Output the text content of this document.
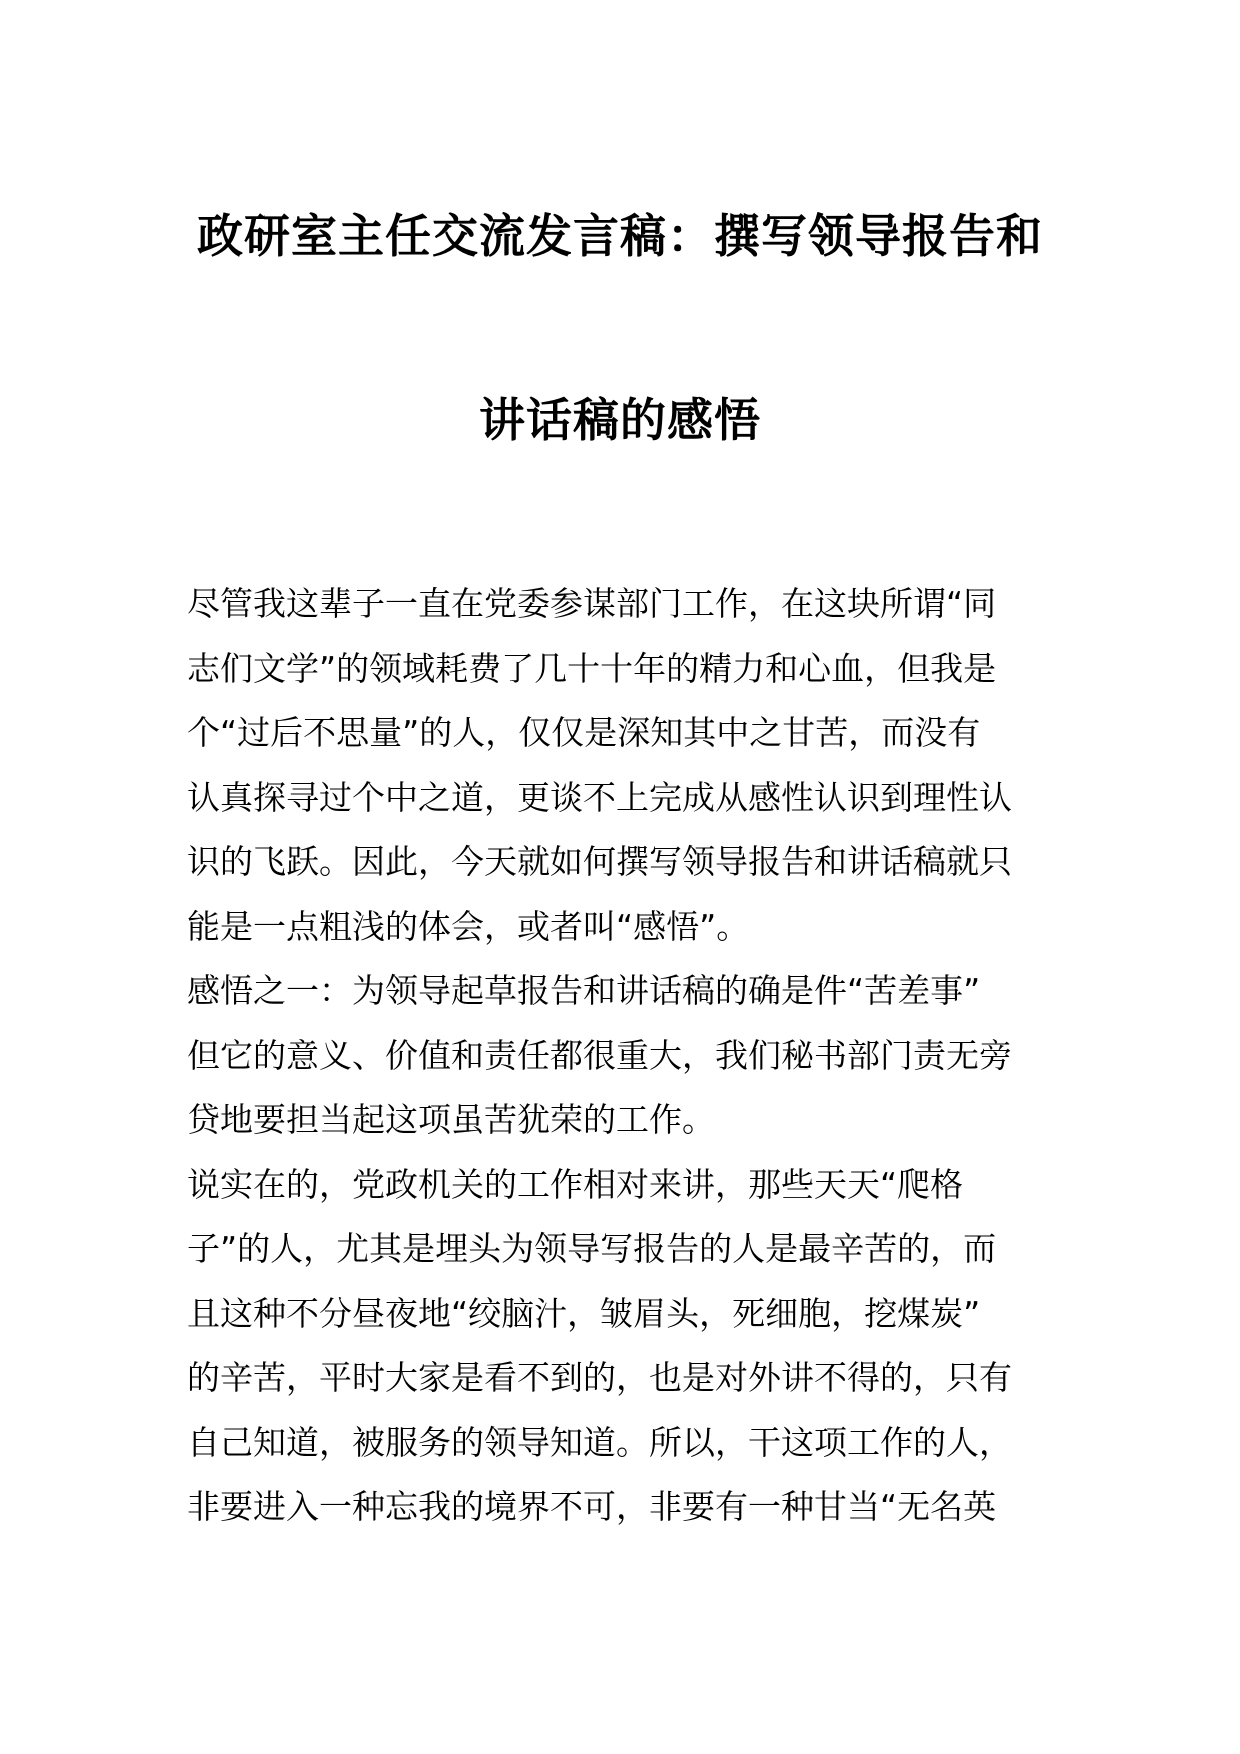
政研室主任交流发言稿：撰写领导报告和
讲话稿的感悟
尽管我这辈子一直在党委参谋部门工作，在这块所谓“同
志们文学”的领域耗费了几十十年的精力和心血，但我是
个“过后不思量”的人，仅仅是深知其中之甘苦，而没有
认真探寻过个中之道，更谈不上完成从感性认识到理性认
识的飞跃。因此，今天就如何撰写领导报告和讲话稿就只
能是一点粗浅的体会，或者叫“感悟”。
感悟之一：为领导起草报告和讲话稿的确是件“苦差事”
但它的意义、价值和责任都很重大，我们秘书部门责无旁
贷地要担当起这项虽苦犹荣的工作。
说实在的，党政机关的工作相对来讲，那些天天“爬格
子”的人，尤其是埋头为领导写报告的人是最辛苦的，而
且这种不分昼夜地“绞脑汁，皱眉头，死细胞，挖煤炭”
的辛苦，平时大家是看不到的，也是对外讲不得的，只有
自己知道，被服务的领导知道。所以，干这项工作的人，
非要进入一种忘我的境界不可，非要有一种甘当“无名英
